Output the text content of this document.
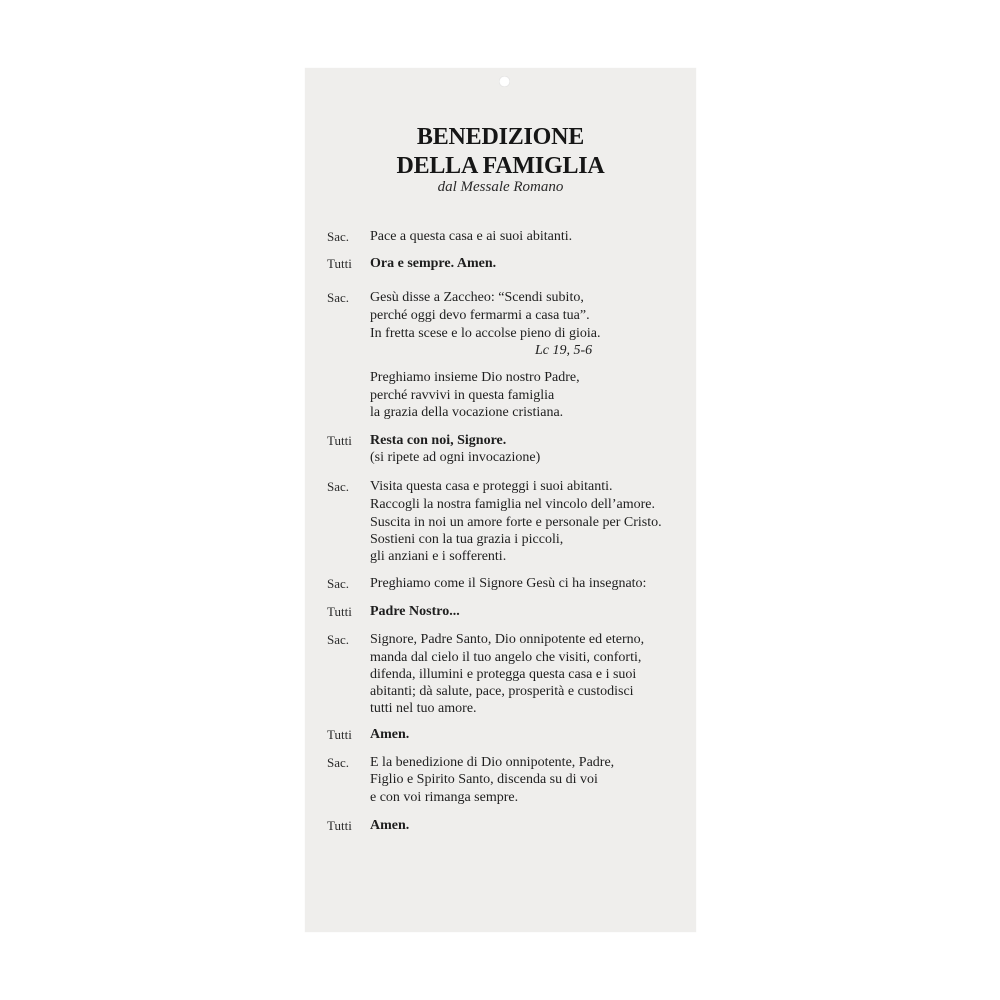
BENEDIZIONE
DELLA FAMIGLIA
dal Messale Romano
Sac. Pace a questa casa e ai suoi abitanti.
Tutti Ora e sempre. Amen.
Sac. Gesù disse a Zaccheo: “Scendi subito,
perché oggi devo fermarmi a casa tua”.
In fretta scese e lo accolse pieno di gioia.
Lc 19, 5-6
Preghiamo insieme Dio nostro Padre,
perché ravvivi in questa famiglia
la grazia della vocazione cristiana.
Tutti Resta con noi, Signore.
(si ripete ad ogni invocazione)
Sac. Visita questa casa e proteggi i suoi abitanti.
Raccogli la nostra famiglia nel vincolo dell’amore.
Suscita in noi un amore forte e personale per Cristo.
Sostieni con la tua grazia i piccoli,
gli anziani e i sofferenti.
Sac. Preghiamo come il Signore Gesù ci ha insegnato:
Tutti Padre Nostro...
Sac. Signore, Padre Santo, Dio onnipotente ed eterno,
manda dal cielo il tuo angelo che visiti, conforti,
difenda, illumini e protegga questa casa e i suoi
abitanti; dà salute, pace, prosperità e custodisci
tutti nel tuo amore.
Tutti Amen.
Sac. E la benedizione di Dio onnipotente, Padre,
Figlio e Spirito Santo, discenda su di voi
e con voi rimanga sempre.
Tutti Amen.
